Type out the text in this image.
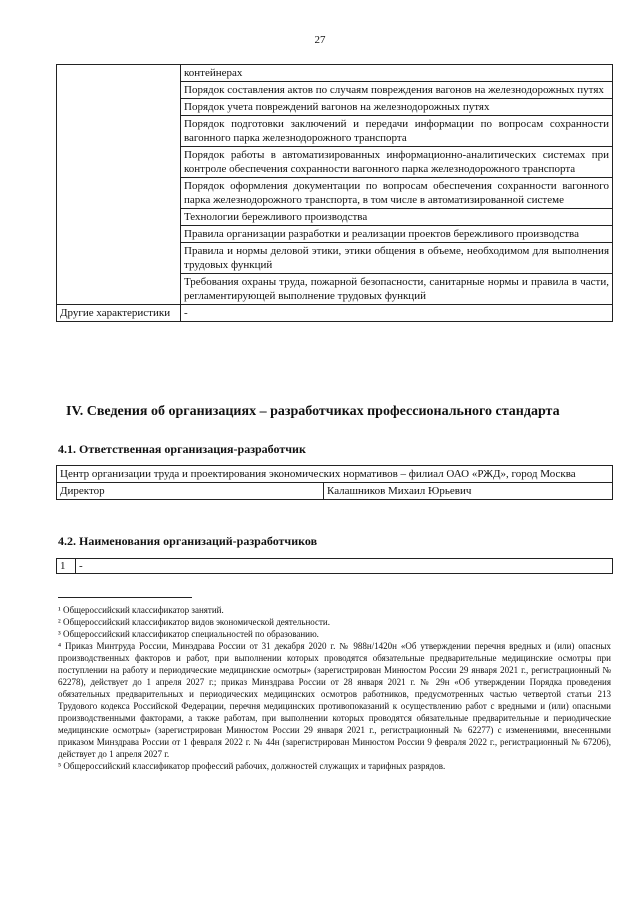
27
	контейнерах
	Порядок составления актов по случаям повреждения вагонов на железнодорожных путях
	Порядок учета повреждений вагонов на железнодорожных путях
	Порядок подготовки заключений и передачи информации по вопросам сохранности вагонного парка железнодорожного транспорта
	Порядок работы в автоматизированных информационно-аналитических системах при контроле обеспечения сохранности вагонного парка железнодорожного транспорта
	Порядок оформления документации по вопросам обеспечения сохранности вагонного парка железнодорожного транспорта, в том числе в автоматизированной системе
	Технологии бережливого производства
	Правила организации разработки и реализации проектов бережливого производства
	Правила и нормы деловой этики, этики общения в объеме, необходимом для выполнения трудовых функций
	Требования охраны труда, пожарной безопасности, санитарные нормы и правила в части, регламентирующей выполнение трудовых функций
Другие характеристики	-
IV. Сведения об организациях – разработчиках профессионального стандарта
4.1. Ответственная организация-разработчик
Центр организации труда и проектирования экономических нормативов – филиал ОАО «РЖД», город Москва
Директор	Калашников Михаил Юрьевич
4.2. Наименования организаций-разработчиков
1	-

¹ Общероссийский классификатор занятий.

² Общероссийский классификатор видов экономической деятельности.

³ Общероссийский классификатор специальностей по образованию.

⁴ Приказ Минтруда России, Минздрава России от 31 декабря 2020 г. № 988н/1420н «Об утверждении перечня вредных и (или) опасных производственных факторов и работ, при выполнении которых проводятся обязательные предварительные медицинские осмотры при поступлении на работу и периодические медицинские осмотры» (зарегистрирован Минюстом России 29 января 2021 г., регистрационный № 62278), действует до 1 апреля 2027 г.; приказ Минздрава России от 28 января 2021 г. № 29н «Об утверждении Порядка проведения обязательных предварительных и периодических медицинских осмотров работников, предусмотренных частью четвертой статьи 213 Трудового кодекса Российской Федерации, перечня медицинских противопоказаний к осуществлению работ с вредными и (или) опасными производственными факторами, а также работам, при выполнении которых проводятся обязательные предварительные и периодические медицинские осмотры» (зарегистрирован Минюстом России 29 января 2021 г., регистрационный № 62277) с изменениями, внесенными приказом Минздрава России от 1 февраля 2022 г. № 44н (зарегистрирован Минюстом России 9 февраля 2022 г., регистрационный № 67206), действует до 1 апреля 2027 г.

⁵ Общероссийский классификатор профессий рабочих, должностей служащих и тарифных разрядов.
